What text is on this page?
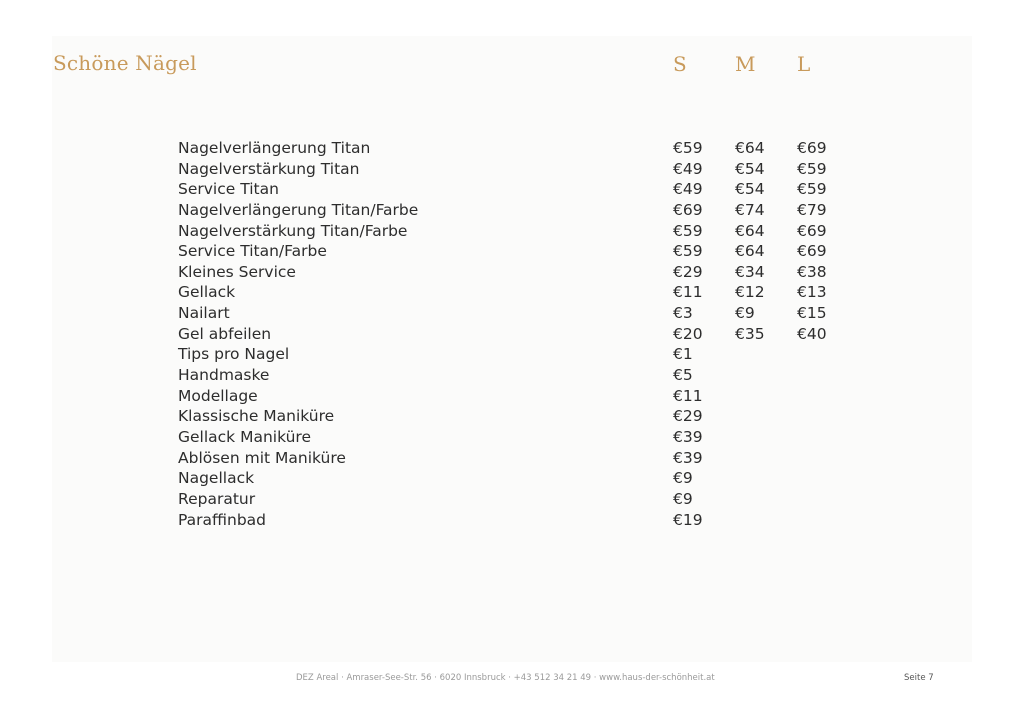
Schöne Nägel	S M L
Nagelverlängerung Titan	€59 €64 €69
Nagelverstärkung Titan	€49 €54 €59
Service Titan	€49 €54 €59
Nagelverlängerung Titan/Farbe	€69 €74 €79
Nagelverstärkung Titan/Farbe	€59 €64 €69
Service Titan/Farbe	€59 €64 €69
Kleines Service	€29 €34 €38
Gellack	€11 €12 €13
Nailart	€3	€9	€15
Gel abfeilen	€20 €35 €40
Tips pro Nagel	€1
Handmaske	€5
Modellage	€11
Klassische Maniküre	€29
Gellack Maniküre	€39
Ablösen mit Maniküre	€39
Nagellack	€9
Reparatur	€9
Paraffinbad	€19
DEZ Areal · Amraser-See-Str. 56 · 6020 Innsbruck · +43 512 34 21 49 · www.haus-der-schönheit.at	Seite 7
